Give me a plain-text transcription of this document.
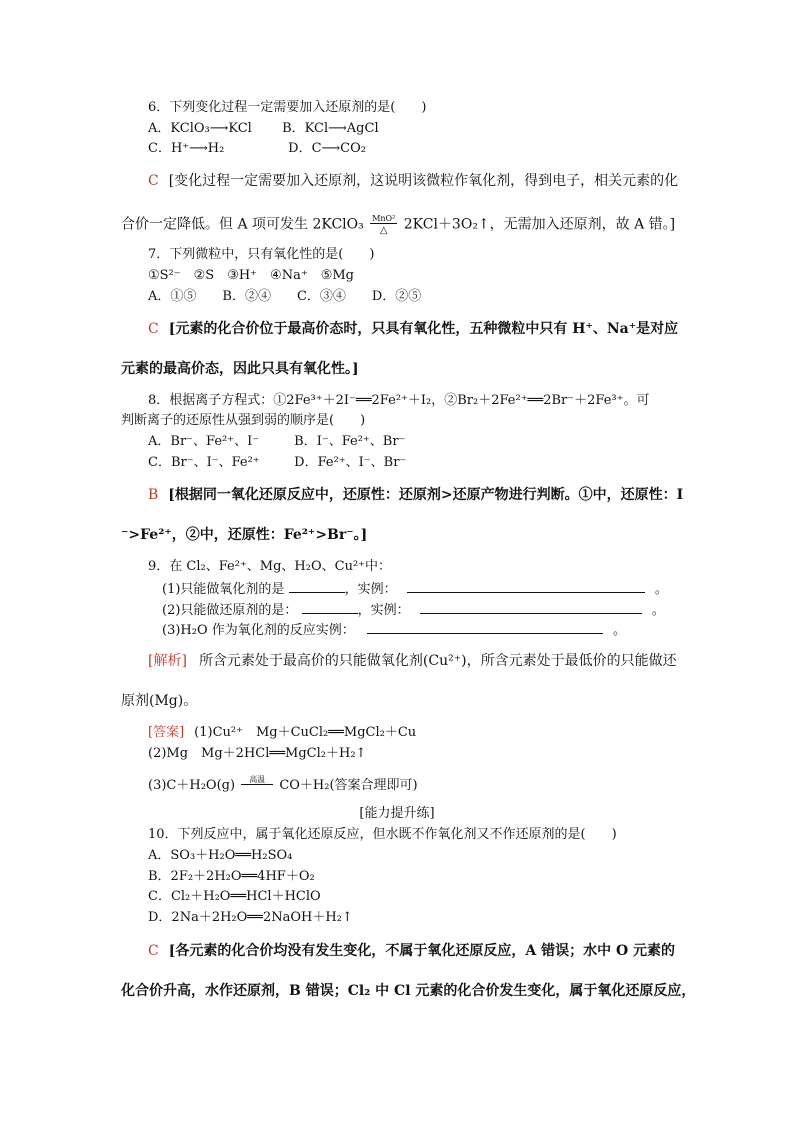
6．下列变化过程一定需要加入还原剂的是(　　)
A．KClO₃⟶KCl B．KCl⟶AgCl
C．H⁺⟶H₂	D．C⟶CO₂
C [变化过程一定需要加入还原剂，这说明该微粒作氧化剂，得到电子，相关元素的化
合价一定降低。但 A 项可发生 2KClO₃ $\frac{\text{MnO²}}{\triangle}$ 2KCl＋3O₂↑，无需加入还原剂，故 A 错。]
7．下列微粒中，只有氧化性的是(　　)
①S²⁻　②S　③H⁺　④Na⁺　⑤Mg
A．①⑤　　B．②④　　C．③④　　D．②⑤
C [元素的化合价位于最高价态时，只具有氧化性，五种微粒中只有 H⁺、Na⁺是对应
元素的最高价态，因此只具有氧化性。]
8．根据离子方程式：①2Fe³⁺＋2I⁻══2Fe²⁺＋I₂，②Br₂＋2Fe²⁺══2Br⁻＋2Fe³⁺。可
判断离子的还原性从强到弱的顺序是(　　)
A．Br⁻、Fe²⁺、I⁻	B．I⁻、Fe²⁺、Br⁻
C．Br⁻、I⁻、Fe²⁺	D．Fe²⁺、I⁻、Br⁻
B [根据同一氧化还原反应中，还原性：还原剂>还原产物进行判断。①中，还原性：I
⁻>Fe²⁺，②中，还原性：Fe²⁺>Br⁻。]
9．在 Cl₂、Fe²⁺、Mg、H₂O、Cu²⁺中：
(1)只能做氧化剂的是	，实例：	。
(2)只能做还原剂的是：	，实例：	。
(3)H₂O 作为氧化剂的反应实例：	。
[解析] 所含元素处于最高价的只能做氧化剂(Cu²⁺)，所含元素处于最低价的只能做还
原剂(Mg)。
[答案] (1)Cu²⁺　Mg＋CuCl₂══MgCl₂＋Cu
(2)Mg　Mg＋2HCl══MgCl₂＋H₂↑
(3)C＋H₂O(g)	高温
	CO＋H₂(答案合理即可)
[能力提升练]
10．下列反应中，属于氧化还原反应，但水既不作氧化剂又不作还原剂的是(　　)
A．SO₃＋H₂O══H₂SO₄
B．2F₂＋2H₂O══4HF＋O₂
C．Cl₂＋H₂O══HCl＋HClO
D．2Na＋2H₂O══2NaOH＋H₂↑
C [各元素的化合价均没有发生变化，不属于氧化还原反应，A 错误；水中 O 元素的
化合价升高，水作还原剂，B 错误；Cl₂ 中 Cl 元素的化合价发生变化，属于氧化还原反应，
